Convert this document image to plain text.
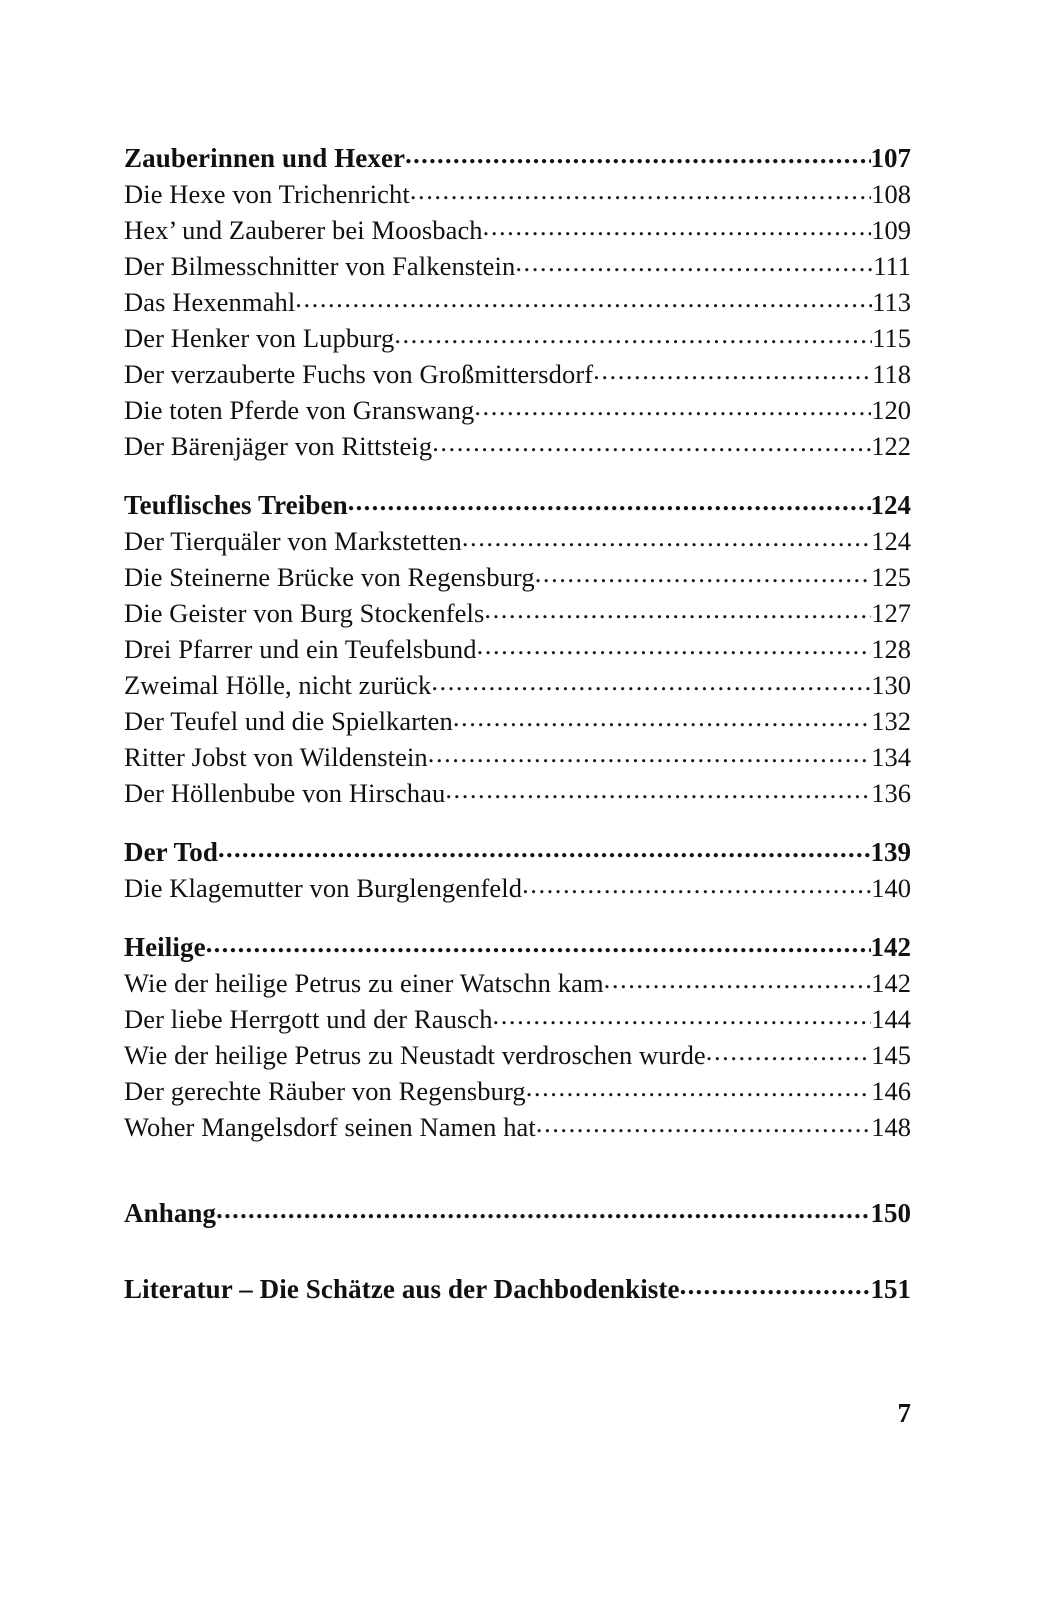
Zauberinnen und Hexer .....	107
Die Hexe von Trichenricht .....	108
Hex’ und Zauberer bei Moosbach .....	109
Der Bilmesschnitter von Falkenstein .....	111
Das Hexenmahl .....	113
Der Henker von Lupburg .....	115
Der verzauberte Fuchs von Großmittersdorf .....	118
Die toten Pferde von Granswang .....	120
Der Bärenjäger von Rittsteig .....	122
Teuflisches Treiben .....	124
Der Tierquäler von Markstetten .....	124
Die Steinerne Brücke von Regensburg .....	125
Die Geister von Burg Stockenfels .....	127
Drei Pfarrer und ein Teufelsbund .....	128
Zweimal Hölle, nicht zurück .....	130
Der Teufel und die Spielkarten .....	132
Ritter Jobst von Wildenstein .....	134
Der Höllenbube von Hirschau .....	136
Der Tod .....	139
Die Klagemutter von Burglengenfeld .....	140
Heilige .....	142
Wie der heilige Petrus zu einer Watschn kam .....	142
Der liebe Herrgott und der Rausch .....	144
Wie der heilige Petrus zu Neustadt verdroschen wurde .....	145
Der gerechte Räuber von Regensburg .....	146
Woher Mangelsdorf seinen Namen hat .....	148
Anhang .....	150
Literatur – Die Schätze aus der Dachbodenkiste .....	151
7
